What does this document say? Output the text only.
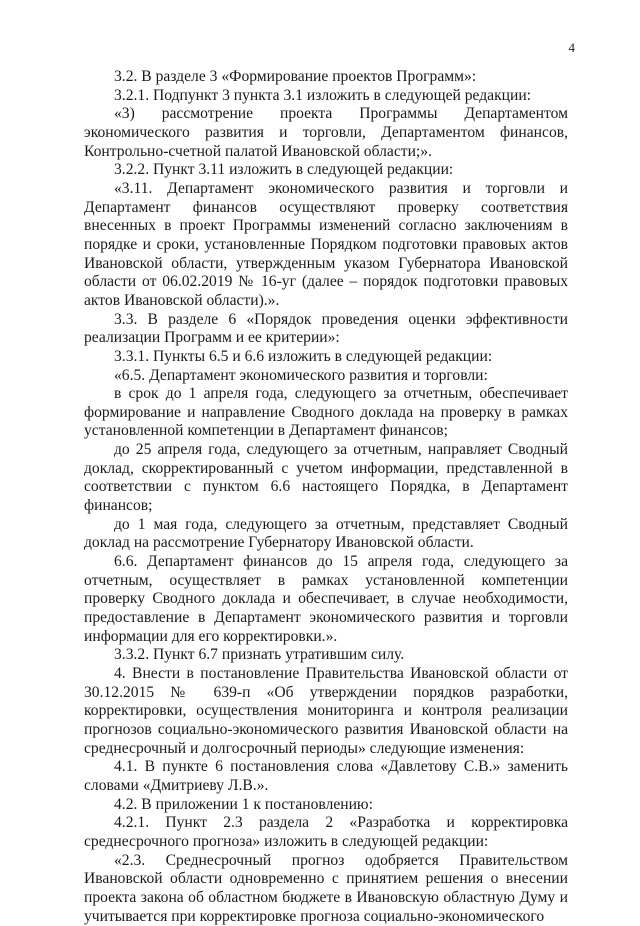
4

3.2. В разделе 3 «Формирование проектов Программ»:

3.2.1. Подпункт 3 пункта 3.1 изложить в следующей редакции:

«3) рассмотрение проекта Программы Департаментом экономического развития и торговли, Департаментом финансов, Контрольно-счетной палатой Ивановской области;».

3.2.2. Пункт 3.11 изложить в следующей редакции:

«3.11. Департамент экономического развития и торговли и Департамент финансов осуществляют проверку соответствия внесенных в проект Программы изменений согласно заключениям в порядке и сроки, установленные Порядком подготовки правовых актов Ивановской области, утвержденным указом Губернатора Ивановской области от 06.02.2019 № 16-уг (далее – порядок подготовки правовых актов Ивановской области).».

3.3. В разделе 6 «Порядок проведения оценки эффективности реализации Программ и ее критерии»:

3.3.1. Пункты 6.5 и 6.6 изложить в следующей редакции:

«6.5. Департамент экономического развития и торговли:

в срок до 1 апреля года, следующего за отчетным, обеспечивает формирование и направление Сводного доклада на проверку в рамках установленной компетенции в Департамент финансов;

до 25 апреля года, следующего за отчетным, направляет Сводный доклад, скорректированный с учетом информации, представленной в соответствии с пунктом 6.6 настоящего Порядка, в Департамент финансов;

до 1 мая года, следующего за отчетным, представляет Сводный доклад на рассмотрение Губернатору Ивановской области.

6.6. Департамент финансов до 15 апреля года, следующего за отчетным, осуществляет в рамках установленной компетенции проверку Сводного доклада и обеспечивает, в случае необходимости, предоставление в Департамент экономического развития и торговли информации для его корректировки.».

3.3.2. Пункт 6.7 признать утратившим силу.

4. Внести в постановление Правительства Ивановской области от 30.12.2015 № 639-п «Об утверждении порядков разработки, корректировки, осуществления мониторинга и контроля реализации прогнозов социально-экономического развития Ивановской области на среднесрочный и долгосрочный периоды» следующие изменения:

4.1. В пункте 6 постановления слова «Давлетову С.В.» заменить словами «Дмитриеву Л.В.».

4.2. В приложении 1 к постановлению:

4.2.1. Пункт 2.3 раздела 2 «Разработка и корректировка среднесрочного прогноза» изложить в следующей редакции:

«2.3. Среднесрочный прогноз одобряется Правительством Ивановской области одновременно с принятием решения о внесении проекта закона об областном бюджете в Ивановскую областную Думу и учитывается при корректировке прогноза социально-экономического
